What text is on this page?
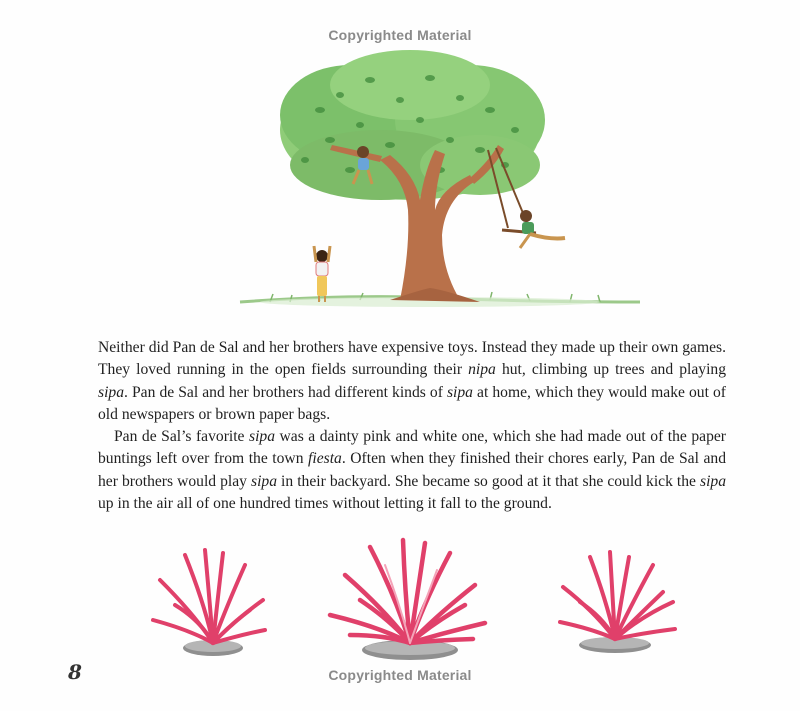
Copyrighted Material

Neither did Pan de Sal and her brothers have expensive toys. Instead they made up their own games. They loved running in the open fields surrounding their nipa hut, climbing up trees and playing sipa. Pan de Sal and her brothers had different kinds of sipa at home, which they would make out of old newspapers or brown paper bags.

Pan de Sal’s favorite sipa was a dainty pink and white one, which she had made out of the paper buntings left over from the town fiesta. Often when they finished their chores early, Pan de Sal and her brothers would play sipa in their backyard. She became so good at it that she could kick the sipa up in the air all of one hundred times without letting it fall to the ground.

8	Copyrighted Material
